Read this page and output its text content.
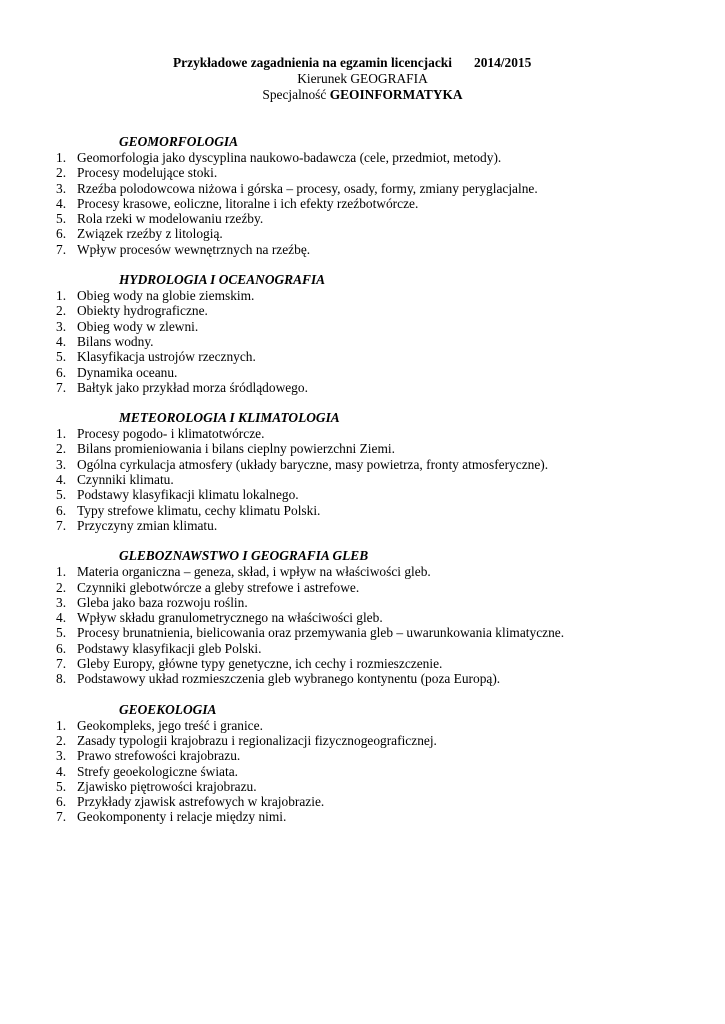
Przykładowe zagadnienia na egzamin licencjacki 2014/2015
Kierunek GEOGRAFIA
Specjalność GEOINFORMATYKA
GEOMORFOLOGIA
1. Geomorfologia jako dyscyplina naukowo-badawcza (cele, przedmiot, metody).
2. Procesy modelujące stoki.
3. Rzeźba polodowcowa niżowa i górska – procesy, osady, formy, zmiany peryglacjalne.
4. Procesy krasowe, eoliczne, litoralne i ich efekty rzeźbotwórcze.
5. Rola rzeki w modelowaniu rzeźby.
6. Związek rzeźby z litologią.
7. Wpływ procesów wewnętrznych na rzeźbę.
HYDROLOGIA I OCEANOGRAFIA
1. Obieg wody na globie ziemskim.
2. Obiekty hydrograficzne.
3. Obieg wody w zlewni.
4. Bilans wodny.
5. Klasyfikacja ustrojów rzecznych.
6. Dynamika oceanu.
7. Bałtyk jako przykład morza śródlądowego.
METEOROLOGIA I KLIMATOLOGIA
1. Procesy pogodo- i klimatotwórcze.
2. Bilans promieniowania i bilans cieplny powierzchni Ziemi.
3. Ogólna cyrkulacja atmosfery (układy baryczne, masy powietrza, fronty atmosferyczne).
4. Czynniki klimatu.
5. Podstawy klasyfikacji klimatu lokalnego.
6. Typy strefowe klimatu, cechy klimatu Polski.
7. Przyczyny zmian klimatu.
GLEBOZNAWSTWO I GEOGRAFIA GLEB
1. Materia organiczna – geneza, skład, i wpływ na właściwości gleb.
2. Czynniki glebotwórcze a gleby strefowe i astrefowe.
3. Gleba jako baza rozwoju roślin.
4. Wpływ składu granulometrycznego na właściwości gleb.
5. Procesy brunatnienia, bielicowania oraz przemywania gleb – uwarunkowania klimatyczne.
6. Podstawy klasyfikacji gleb Polski.
7. Gleby Europy, główne typy genetyczne, ich cechy i rozmieszczenie.
8. Podstawowy układ rozmieszczenia gleb wybranego kontynentu (poza Europą).
GEOEKOLOGIA
1. Geokompleks, jego treść i granice.
2. Zasady typologii krajobrazu i regionalizacji fizycznogeograficznej.
3. Prawo strefowości krajobrazu.
4. Strefy geoekologiczne świata.
5. Zjawisko piętrowości krajobrazu.
6. Przykłady zjawisk astrefowych w krajobrazie.
7. Geokomponenty i relacje między nimi.
